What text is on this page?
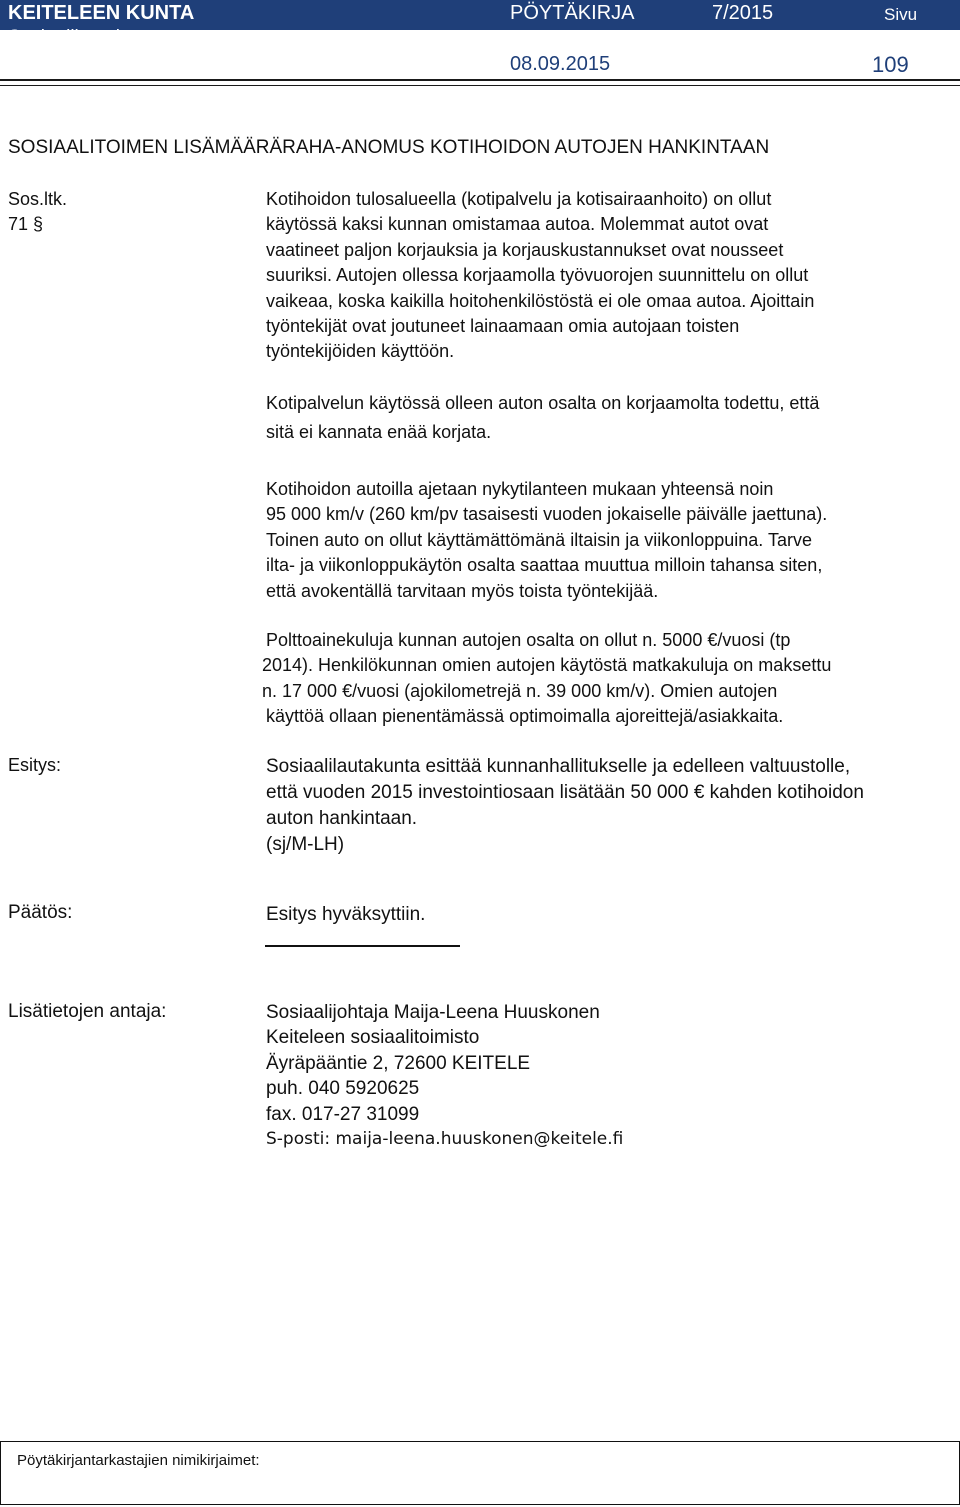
KEITELEEN KUNTA	PÖYTÄKIRJA	7/2015	Sivu
Sosiaalilautakunta	Päivämäärä
08.09.2015	109
SOSIAALITOIMEN LISÄMÄÄRÄRAHA-ANOMUS KOTIHOIDON AUTOJEN HANKINTAAN
Sos.ltk.
71 §
Kotihoidon tulosalueella (kotipalvelu ja kotisairaanhoito) on ollut
käytössä kaksi kunnan omistamaa autoa. Molemmat autot ovat
vaatineet paljon korjauksia ja korjauskustannukset ovat nousseet
suuriksi. Autojen ollessa korjaamolla työvuorojen suunnittelu on ollut
vaikeaa, koska kaikilla hoitohenkilöstöstä ei ole omaa autoa. Ajoittain
työntekijät ovat joutuneet lainaamaan omia autojaan toisten
työntekijöiden käyttöön.
Kotipalvelun käytössä olleen auton osalta on korjaamolta todettu, että
sitä ei kannata enää korjata.
Kotihoidon autoilla ajetaan nykytilanteen mukaan yhteensä noin
95 000 km/v (260 km/pv tasaisesti vuoden jokaiselle päivälle jaettuna).
Toinen auto on ollut käyttämättömänä iltaisin ja viikonloppuina. Tarve
ilta- ja viikonloppukäytön osalta saattaa muuttua milloin tahansa siten,
että avokentällä tarvitaan myös toista työntekijää.
Polttoainekuluja kunnan autojen osalta on ollut n. 5000 €/vuosi (tp
2014). Henkilökunnan omien autojen käytöstä matkakuluja on maksettu
n. 17 000 €/vuosi (ajokilometrejä n. 39 000 km/v). Omien autojen
käyttöä ollaan pienentämässä optimoimalla ajoreittejä/asiakkaita.
Esitys:	Sosiaalilautakunta esittää kunnanhallitukselle ja edelleen valtuustolle,
että vuoden 2015 investointiosaan lisätään 50 000 € kahden kotihoidon
auton hankintaan.
(sj/M-LH)
Päätös:	Esitys hyväksyttiin.
Lisätietojen antaja:	Sosiaalijohtaja Maija-Leena Huuskonen
Keiteleen sosiaalitoimisto
Äyräpääntie 2, 72600 KEITELE
puh. 040 5920625
fax. 017-27 31099
S-posti: maija-leena.huuskonen@keitele.fi
Pöytäkirjantarkastajien nimikirjaimet:
